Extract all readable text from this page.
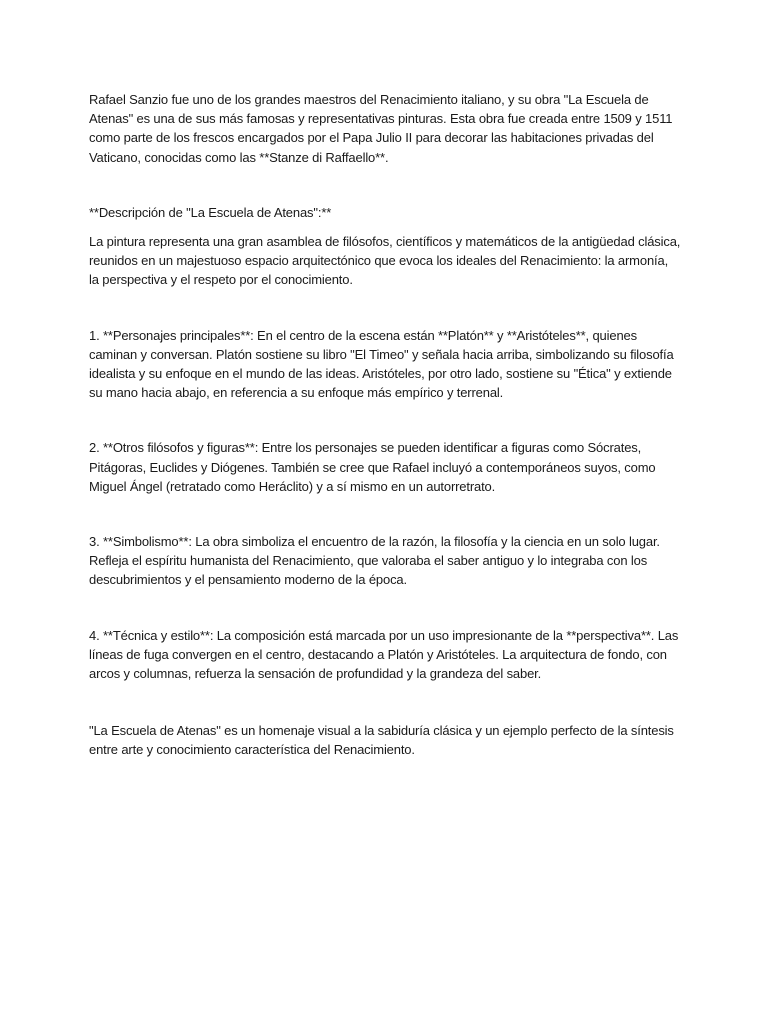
Rafael Sanzio fue uno de los grandes maestros del Renacimiento italiano, y su obra "La Escuela de Atenas" es una de sus más famosas y representativas pinturas. Esta obra fue creada entre 1509 y 1511 como parte de los frescos encargados por el Papa Julio II para decorar las habitaciones privadas del Vaticano, conocidas como las **Stanze di Raffaello**.

**Descripción de "La Escuela de Atenas":**

La pintura representa una gran asamblea de filósofos, científicos y matemáticos de la antigüedad clásica, reunidos en un majestuoso espacio arquitectónico que evoca los ideales del Renacimiento: la armonía, la perspectiva y el respeto por el conocimiento.

1. **Personajes principales**: En el centro de la escena están **Platón** y **Aristóteles**, quienes caminan y conversan. Platón sostiene su libro "El Timeo" y señala hacia arriba, simbolizando su filosofía idealista y su enfoque en el mundo de las ideas. Aristóteles, por otro lado, sostiene su "Ética" y extiende su mano hacia abajo, en referencia a su enfoque más empírico y terrenal.

2. **Otros filósofos y figuras**: Entre los personajes se pueden identificar a figuras como Sócrates, Pitágoras, Euclides y Diógenes. También se cree que Rafael incluyó a contemporáneos suyos, como Miguel Ángel (retratado como Heráclito) y a sí mismo en un autorretrato.

3. **Simbolismo**: La obra simboliza el encuentro de la razón, la filosofía y la ciencia en un solo lugar. Refleja el espíritu humanista del Renacimiento, que valoraba el saber antiguo y lo integraba con los descubrimientos y el pensamiento moderno de la época.

4. **Técnica y estilo**: La composición está marcada por un uso impresionante de la **perspectiva**. Las líneas de fuga convergen en el centro, destacando a Platón y Aristóteles. La arquitectura de fondo, con arcos y columnas, refuerza la sensación de profundidad y la grandeza del saber.

"La Escuela de Atenas" es un homenaje visual a la sabiduría clásica y un ejemplo perfecto de la síntesis entre arte y conocimiento característica del Renacimiento.
